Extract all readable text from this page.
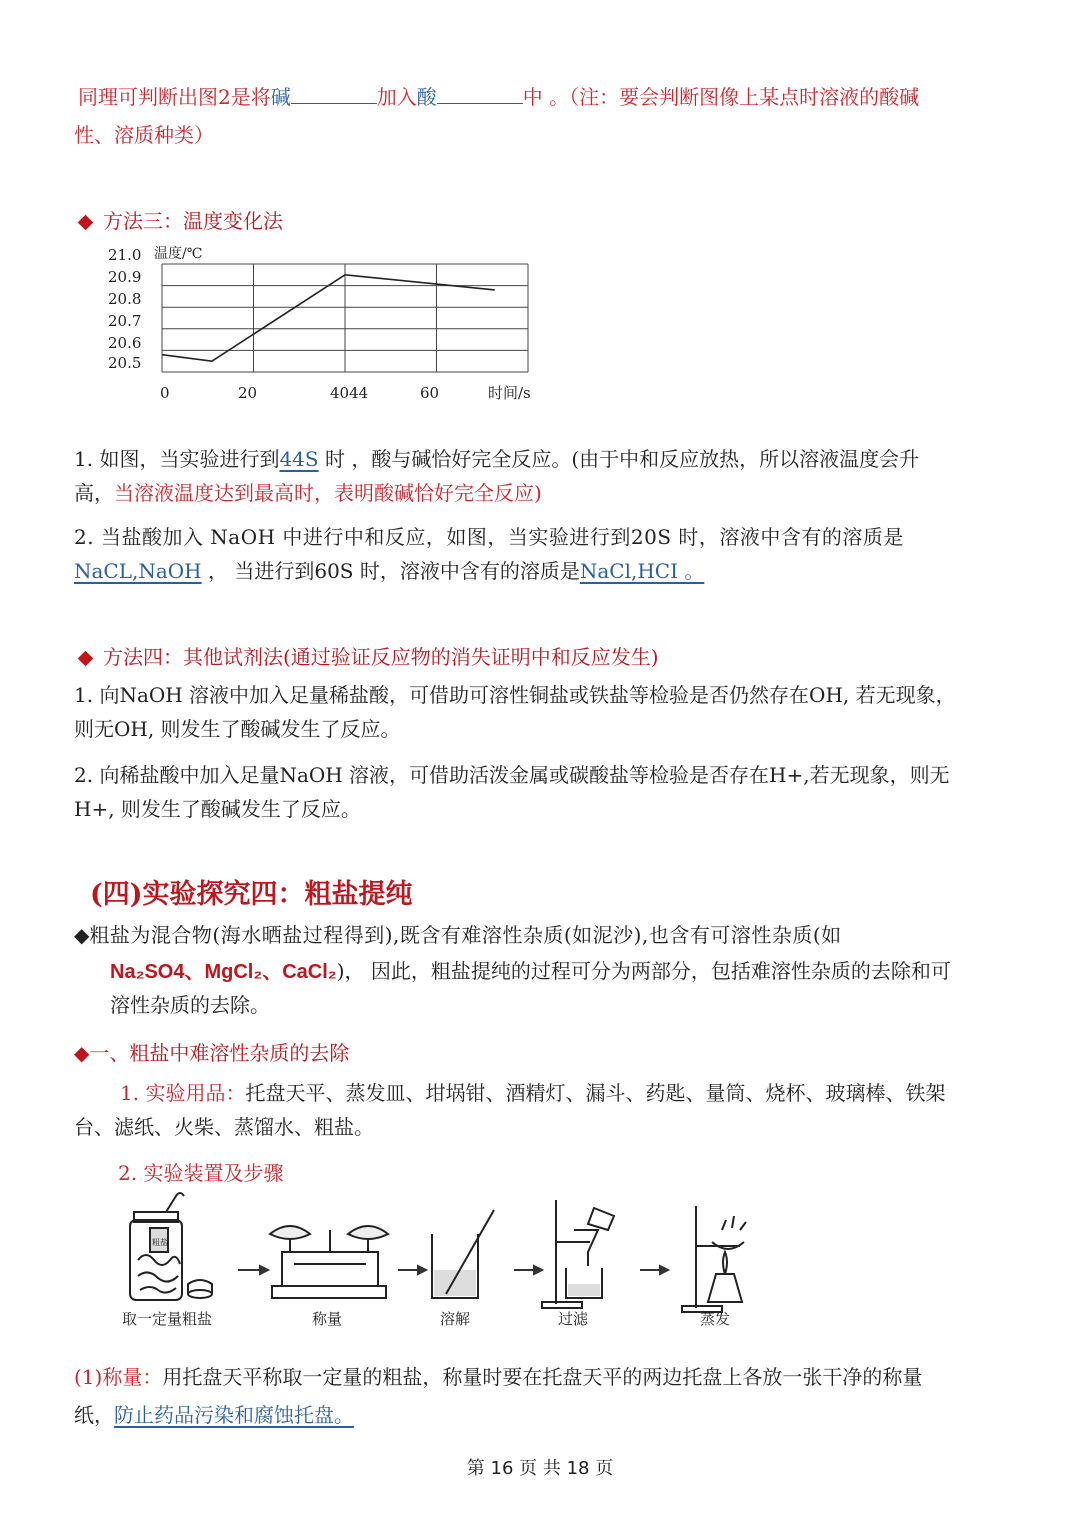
同理可判断出图2是将碱	加入酸	中 。（注：要会判断图像上某点时溶液的酸碱
性、溶质种类）
方法三：温度变化法
温度/℃
21.0
20.9
20.8
20.7
20.6
20.5
0	20	4044	60	时间/s
1. 如图，当实验进行到44S 时 ，酸与碱恰好完全反应。(由于中和反应放热，所以溶液温度会升
高，当溶液温度达到最高时，表明酸碱恰好完全反应)
2. 当盐酸加入 NaOH 中进行中和反应，如图，当实验进行到20S 时，溶液中含有的溶质是
NaCL,NaOH ， 当进行到60S 时，溶液中含有的溶质是NaCl,HCI 。
方法四：其他试剂法(通过验证反应物的消失证明中和反应发生)
1. 向NaOH 溶液中加入足量稀盐酸，可借助可溶性铜盐或铁盐等检验是否仍然存在OH, 若无现象，
则无OH, 则发生了酸碱发生了反应。
2. 向稀盐酸中加入足量NaOH 溶液，可借助活泼金属或碳酸盐等检验是否存在H+,若无现象，则无
H+, 则发生了酸碱发生了反应。
(四)实验探究四：粗盐提纯
◆粗盐为混合物(海水晒盐过程得到),既含有难溶性杂质(如泥沙),也含有可溶性杂质(如
Na₂SO4、MgCl₂、CaCl₂)， 因此，粗盐提纯的过程可分为两部分，包括难溶性杂质的去除和可
溶性杂质的去除。
◆一、粗盐中难溶性杂质的去除
1. 实验用品：托盘天平、蒸发皿、坩埚钳、酒精灯、漏斗、药匙、量筒、烧杯、玻璃棒、铁架
台、滤纸、火柴、蒸馏水、粗盐。
2. 实验装置及步骤
粗盐
取一定量粗盐	称量	溶解	过滤	蒸发
(1)称量：用托盘天平称取一定量的粗盐，称量时要在托盘天平的两边托盘上各放一张干净的称量
纸，防止药品污染和腐蚀托盘。
第 16 页 共 18 页
